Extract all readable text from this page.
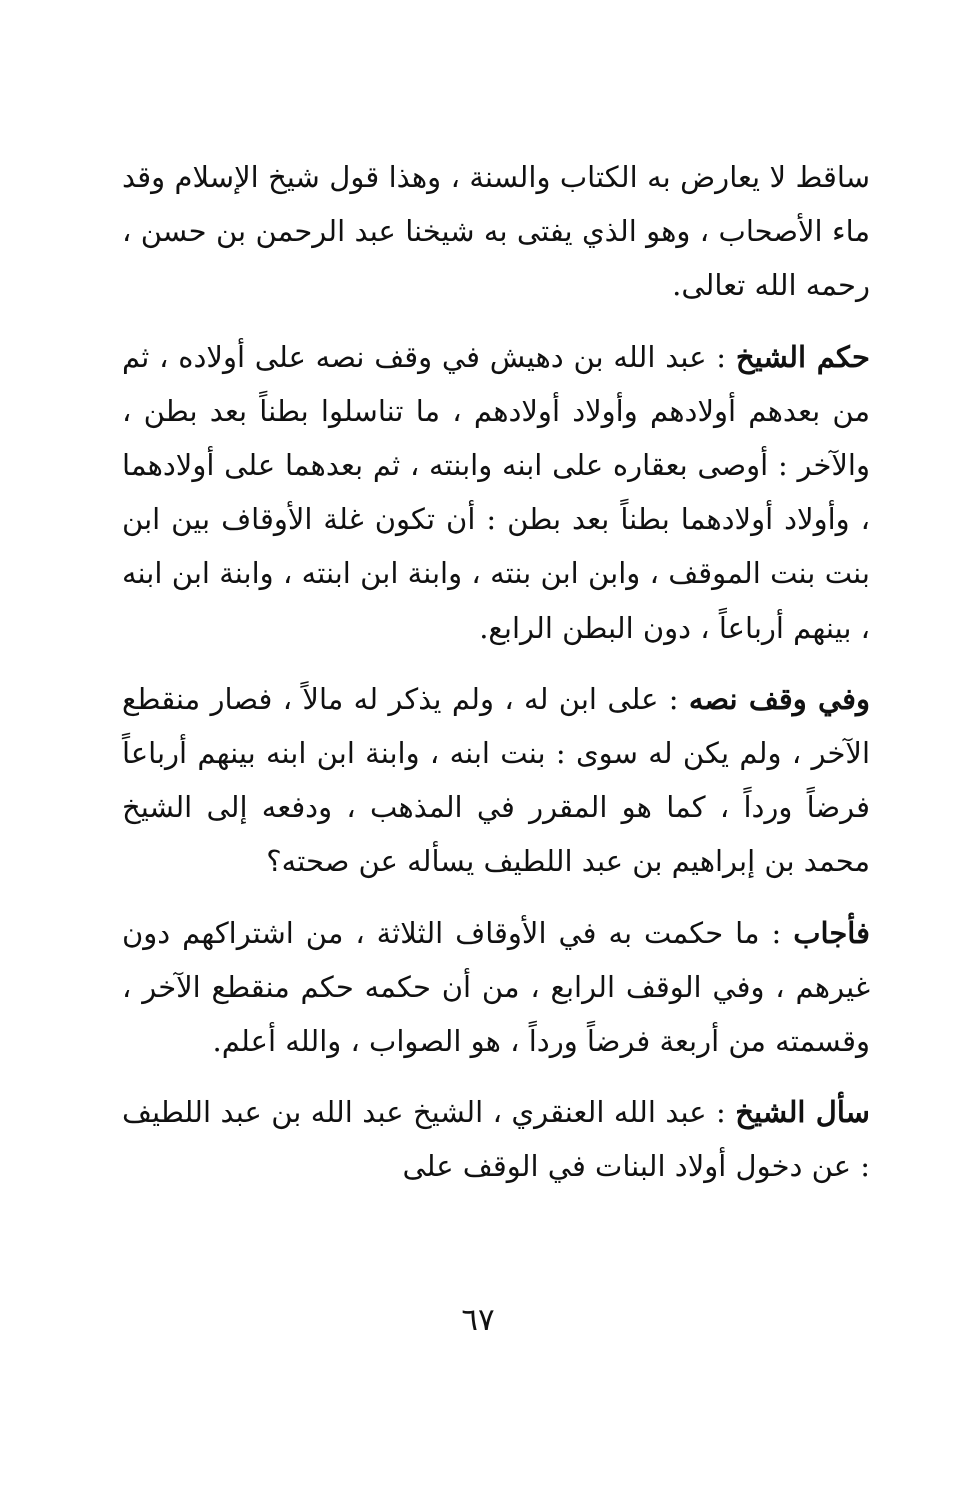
ساقط لا يعارض به الكتاب والسنة ، وهذا قول شيخ الإسلام وقد ماء الأصحاب ، وهو الذي يفتى به شيخنا عبد الرحمن بن حسن ، رحمه الله تعالى.

حكم الشيخ : عبد الله بن دهيش في وقف نصه على أولاده ، ثم من بعدهم أولادهم وأولاد أولادهم ، ما تناسلوا بطناً بعد بطن ، والآخر : أوصى بعقاره على ابنه وابنته ، ثم بعدهما على أولادهما ، وأولاد أولادهما بطناً بعد بطن : أن تكون غلة الأوقاف بين ابن بنت بنت الموقف ، وابن ابن بنته ، وابنة ابن ابنته ، وابنة ابن ابنه ، بينهم أرباعاً ، دون البطن الرابع.

وفي وقف نصه : على ابن له ، ولم يذكر له مالاً ، فصار منقطع الآخر ، ولم يكن له سوى : بنت ابنه ، وابنة ابن ابنه بينهم أرباعاً فرضاً ورداً ، كما هو المقرر في المذهب ، ودفعه إلى الشيخ محمد بن إبراهيم بن عبد اللطيف يسأله عن صحته؟

فأجاب : ما حكمت به في الأوقاف الثلاثة ، من اشتراكهم دون غيرهم ، وفي الوقف الرابع ، من أن حكمه حكم منقطع الآخر ، وقسمته من أربعة فرضاً ورداً ، هو الصواب ، والله أعلم.

سأل الشيخ : عبد الله العنقري ، الشيخ عبد الله بن عبد اللطيف : عن دخول أولاد البنات في الوقف على

٦٧
